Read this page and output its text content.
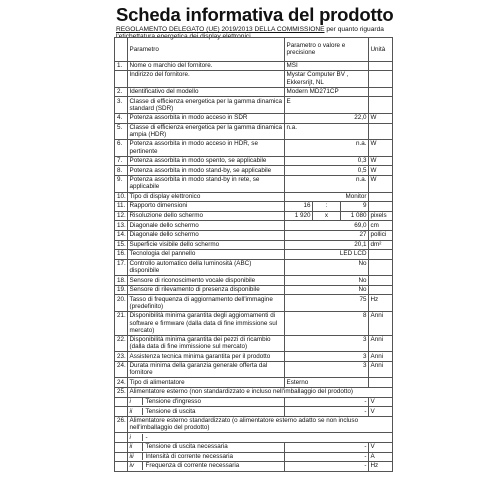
Scheda informativa del prodotto
REGOLAMENTO DELEGATO (UE) 2019/2013 DELLA COMMISSIONE per quanto riguarda
l'etichettatura energetica dei display elettronici
	Parametro	Parametro o valore e precisione	Unità
1.	Nome o marchio del fornitore.	MSI	
	Indirizzo del fornitore.	Mystar Computer BV , Ekkersrijt, NL	
2.	Identificativo del modello	Modern MD271CP	
3.	Classe di efficienza energetica per la gamma dinamica standard (SDR)	E	
4.	Potenza assorbita in modo acceso in SDR	22,0	W
5.	Classe di efficienza energetica per la gamma dinamica ampia (HDR)	n.a.	
6.	Potenza assorbita in modo acceso in HDR, se pertinente	n.a.	W
7.	Potenza assorbita in modo spento, se applicabile	0,3	W
8.	Potenza assorbita in modo stand-by, se applicabile	0,5	W
9.	Potenza assorbita in modo stand-by in rete, se applicabile	n.a.	W
10.	Tipo di display elettronico	Monitor	
11.	Rapporto dimensioni	16 : 9	

12.	Risoluzione dello schermo	1 920 x 1 080	pixels
13.	Diagonale dello schermo	69,0	cm
14.	Diagonale dello schermo	27	pollici
15.	Superficie visibile dello schermo	20,1	dm²
16.	Tecnologia del pannello	LED LCD	
17.	Controllo automatico della luminosità (ABC) disponibile	No	
18.	Sensore di riconoscimento vocale disponibile	No	
19.	Sensore di rilevamento di presenza disponibile	No	
20.	Tasso di frequenza di aggiornamento dell'immagine (predefinito)	75	Hz
21.	Disponibilità minima garantita degli aggiornamenti di software e firmware (dalla data di fine immissione sul mercato)	8	Anni
22.	Disponibilità minima garantita dei pezzi di ricambio (dalla data di fine immissione sul mercato)	3	Anni
23.	Assistenza tecnica minima garantita per il prodotto	3	Anni
24.	Durata minima della garanzia generale offerta dal fornitore	3	Anni
24.	Tipo di alimentatore	Esterno	
25.	Alimentatore esterno (non standardizzato e incluso nell'imballaggio del prodotto)		
	i Tensione d'ingresso	-	V
	ii Tensione di uscita	-	V
26.	Alimentatore esterno standardizzato (o alimentatore esterno adatto se non incluso nell'imballaggio del prodotto)		
	i -		
	ii Tensione di uscita necessaria	-	V
	iii Intensità di corrente necessaria	-	A
	iv Frequenza di corrente necessaria	-	Hz
